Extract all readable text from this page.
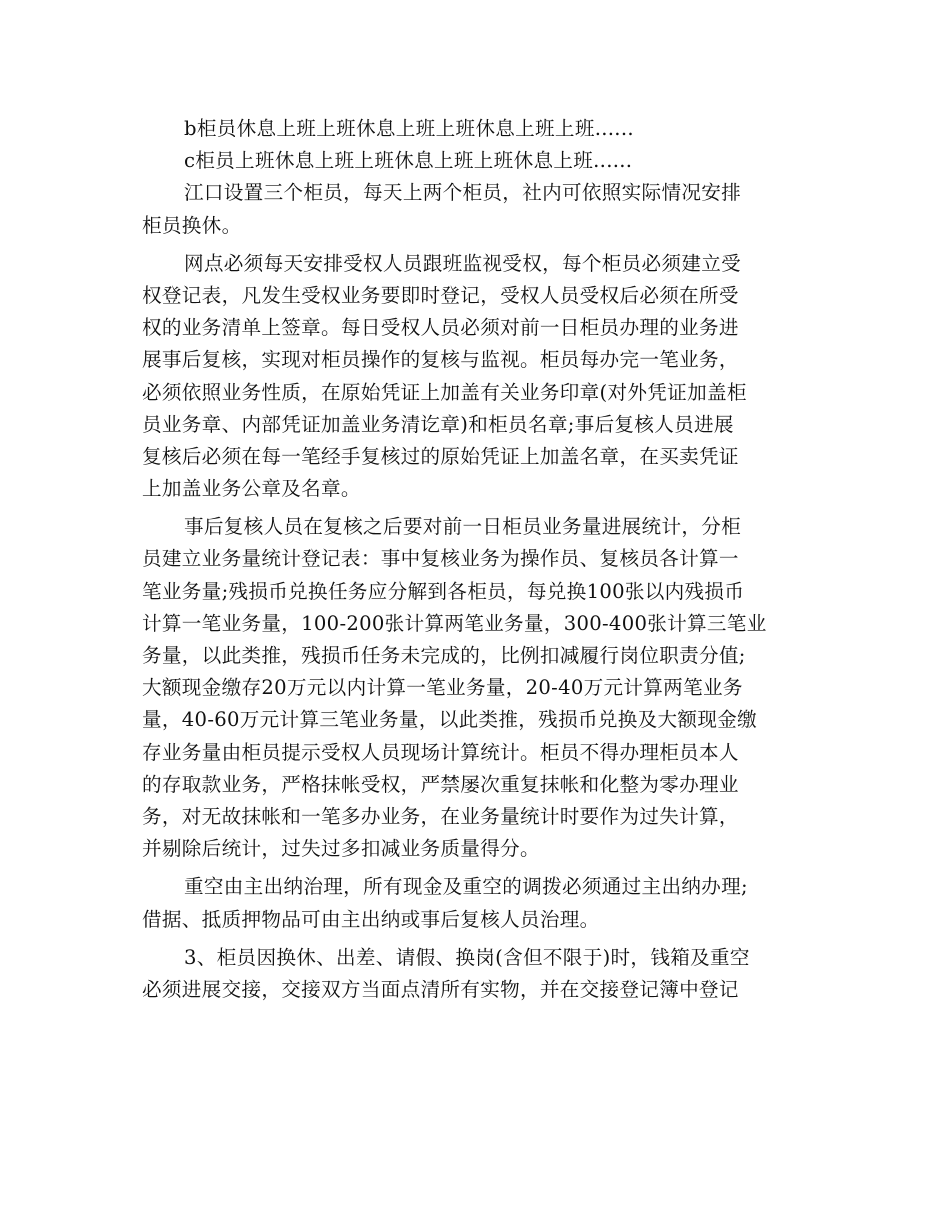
b柜员休息上班上班休息上班上班休息上班上班......
c柜员上班休息上班上班休息上班上班休息上班......
江口设置三个柜员，每天上两个柜员，社内可依照实际情况安排
柜员换休。
网点必须每天安排受权人员跟班监视受权，每个柜员必须建立受
权登记表，凡发生受权业务要即时登记，受权人员受权后必须在所受
权的业务清单上签章。每日受权人员必须对前一日柜员办理的业务进
展事后复核，实现对柜员操作的复核与监视。柜员每办完一笔业务，
必须依照业务性质，在原始凭证上加盖有关业务印章(对外凭证加盖柜
员业务章、内部凭证加盖业务清讫章)和柜员名章;事后复核人员进展
复核后必须在每一笔经手复核过的原始凭证上加盖名章，在买卖凭证
上加盖业务公章及名章。
事后复核人员在复核之后要对前一日柜员业务量进展统计，分柜
员建立业务量统计登记表：事中复核业务为操作员、复核员各计算一
笔业务量;残损币兑换任务应分解到各柜员，每兑换100张以内残损币
计算一笔业务量，100-200张计算两笔业务量，300-400张计算三笔业
务量，以此类推，残损币任务未完成的，比例扣减履行岗位职责分值;
大额现金缴存20万元以内计算一笔业务量，20-40万元计算两笔业务
量，40-60万元计算三笔业务量，以此类推，残损币兑换及大额现金缴
存业务量由柜员提示受权人员现场计算统计。柜员不得办理柜员本人
的存取款业务，严格抹帐受权，严禁屡次重复抹帐和化整为零办理业
务，对无故抹帐和一笔多办业务，在业务量统计时要作为过失计算，
并剔除后统计，过失过多扣减业务质量得分。
重空由主出纳治理，所有现金及重空的调拨必须通过主出纳办理;
借据、抵质押物品可由主出纳或事后复核人员治理。
3、柜员因换休、出差、请假、换岗(含但不限于)时，钱箱及重空
必须进展交接，交接双方当面点清所有实物，并在交接登记簿中登记
